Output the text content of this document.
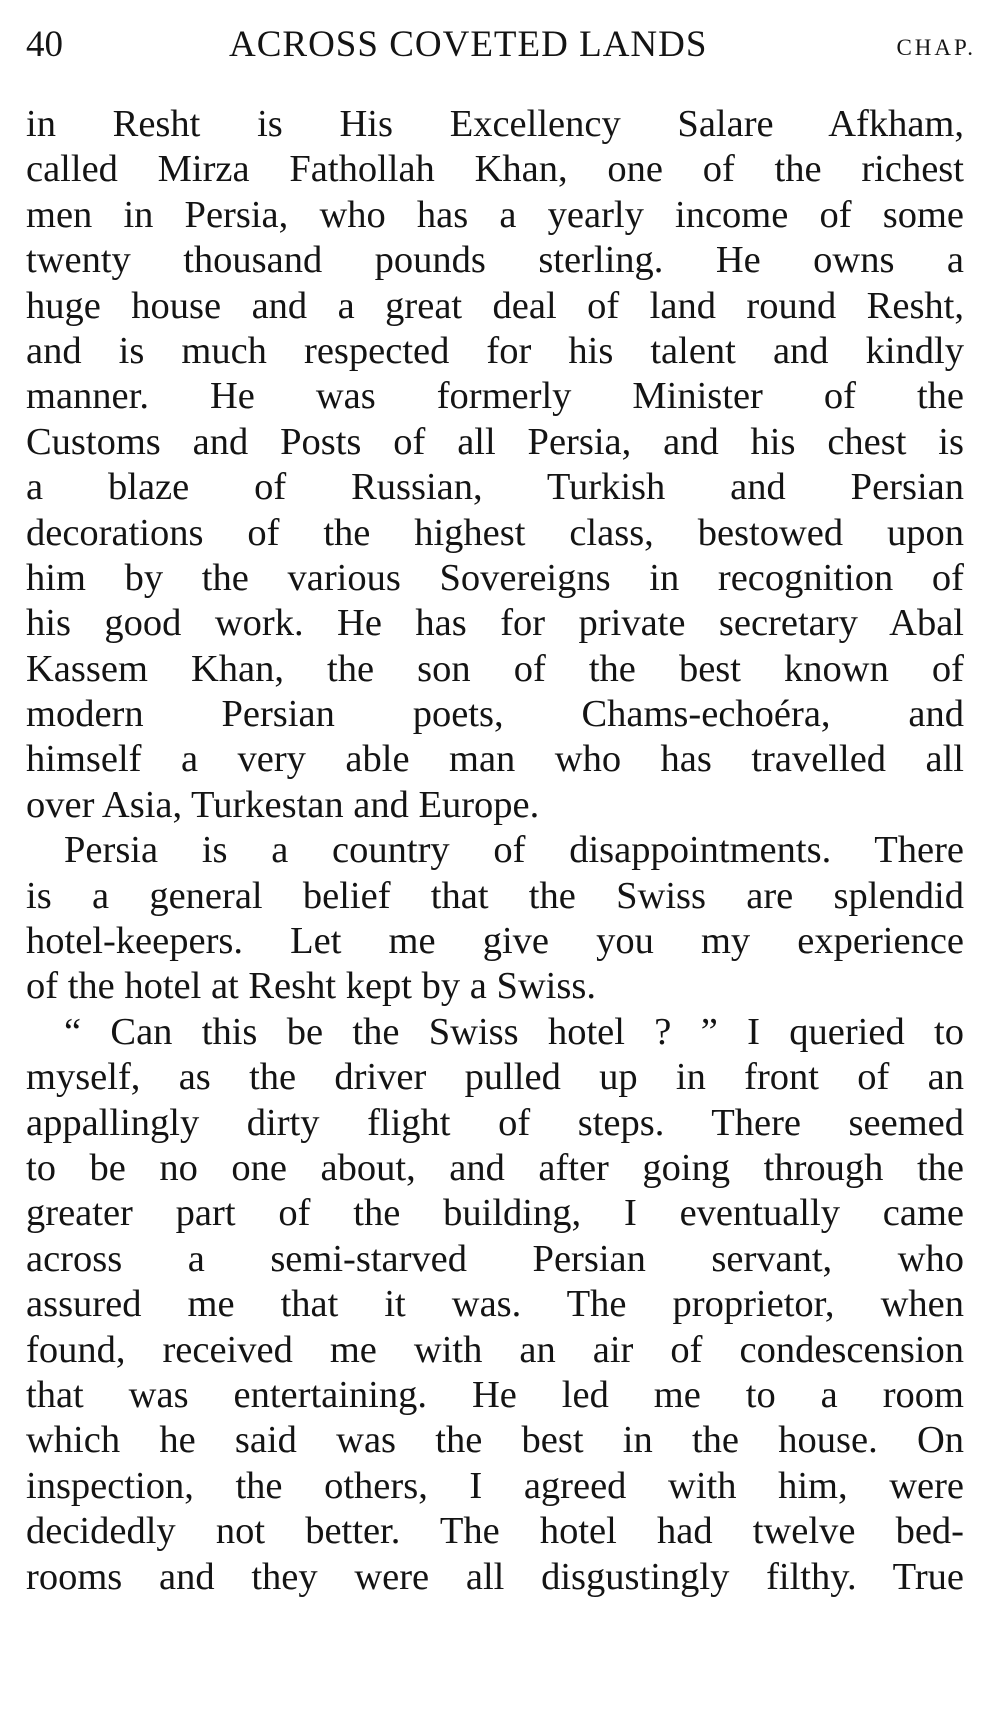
40	ACROSS COVETED LANDS	CHAP.
in Resht is His Excellency Salare Afkham,
called Mirza Fathollah Khan, one of the richest
men in Persia, who has a yearly income of some
twenty thousand pounds sterling. He owns a
huge house and a great deal of land round Resht,
and is much respected for his talent and kindly
manner. He was formerly Minister of the
Customs and Posts of all Persia, and his chest is
a blaze of Russian, Turkish and Persian
decorations of the highest class, bestowed upon
him by the various Sovereigns in recognition of
his good work. He has for private secretary Abal
Kassem Khan, the son of the best known of
modern Persian poets, Chams-echoéra, and
himself a very able man who has travelled all
over Asia, Turkestan and Europe.
Persia is a country of disappointments. There
is a general belief that the Swiss are splendid
hotel-keepers. Let me give you my experience
of the hotel at Resht kept by a Swiss.
“ Can this be the Swiss hotel ? ” I queried to
myself, as the driver pulled up in front of an
appallingly dirty flight of steps. There seemed
to be no one about, and after going through the
greater part of the building, I eventually came
across a semi-starved Persian servant, who
assured me that it was. The proprietor, when
found, received me with an air of condescension
that was entertaining. He led me to a room
which he said was the best in the house. On
inspection, the others, I agreed with him, were
decidedly not better. The hotel had twelve bed-
rooms and they were all disgustingly filthy. True
